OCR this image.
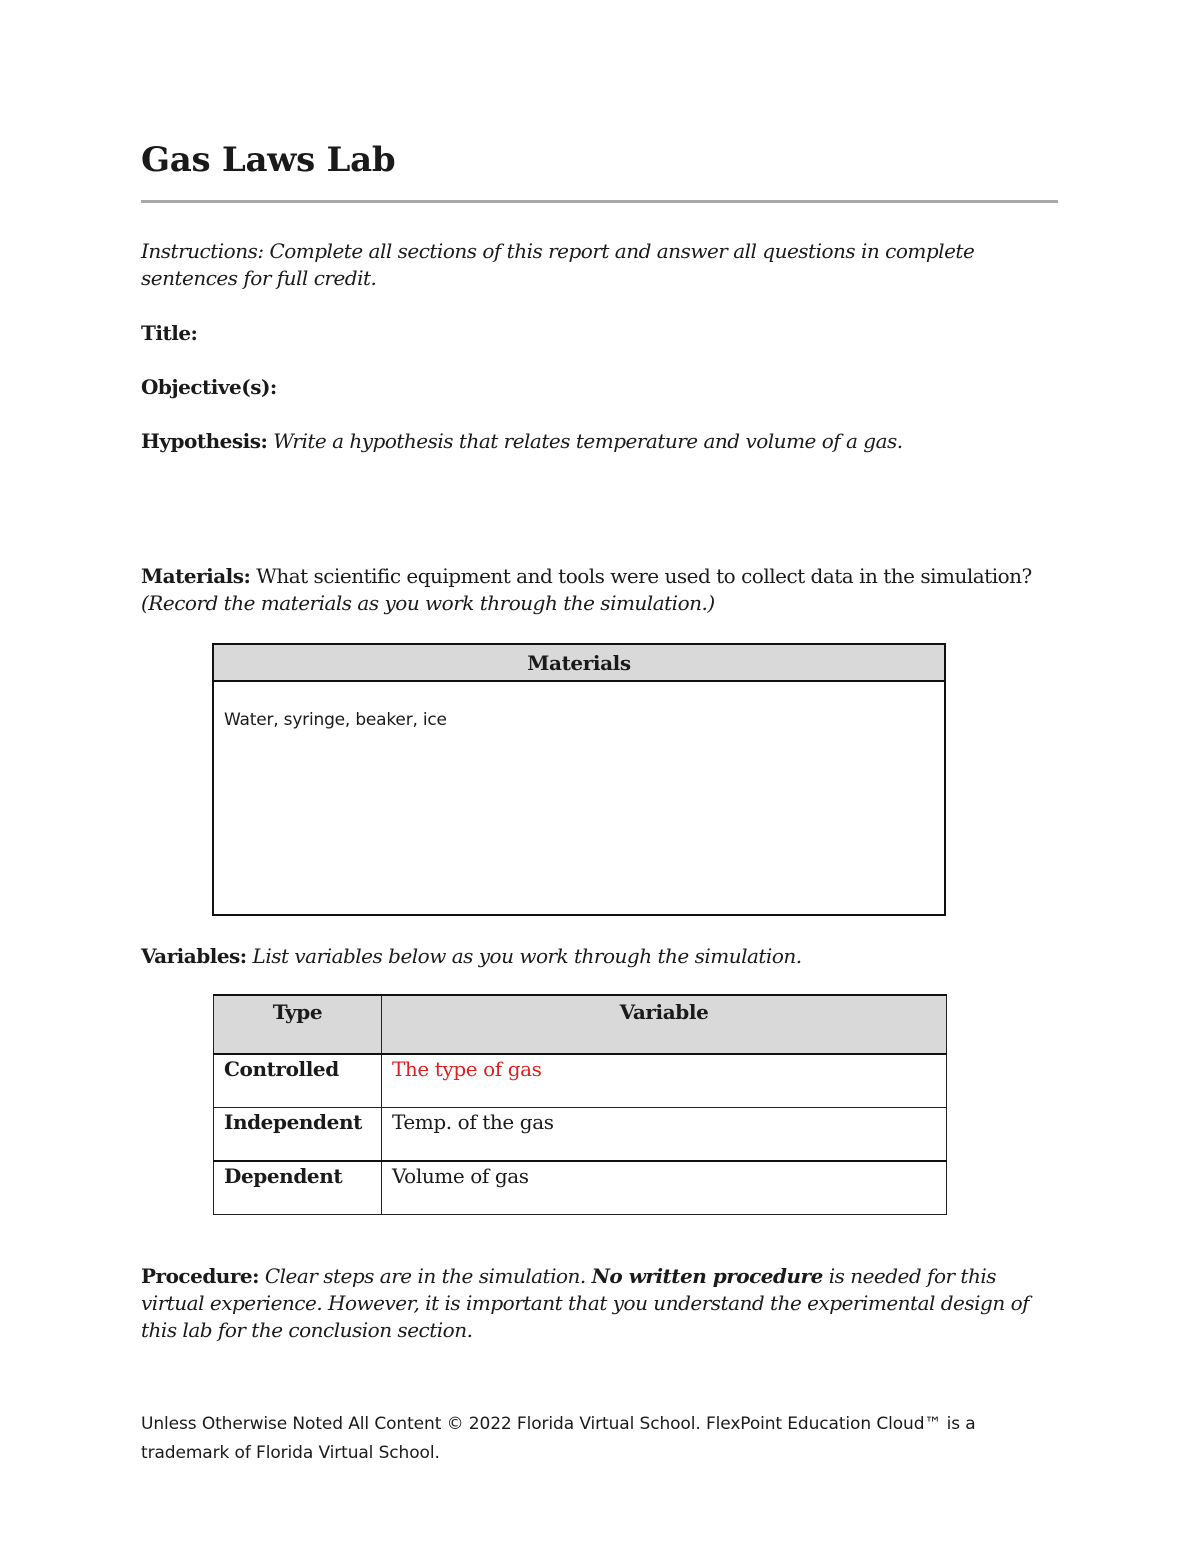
Gas Laws Lab
Instructions: Complete all sections of this report and answer all questions in complete sentences for full credit.
Title:
Objective(s):
Hypothesis: Write a hypothesis that relates temperature and volume of a gas.
Materials: What scientific equipment and tools were used to collect data in the simulation?
(Record the materials as you work through the simulation.)
Materials
Water, syringe, beaker, ice
Variables: List variables below as you work through the simulation.
Type	Variable
Controlled	The type of gas
Independent	Temp. of the gas
Dependent	Volume of gas
Procedure: Clear steps are in the simulation. No written procedure is needed for this virtual experience. However, it is important that you understand the experimental design of this lab for the conclusion section.
Unless Otherwise Noted All Content © 2022 Florida Virtual School. FlexPoint Education Cloud™ is a trademark of Florida Virtual School.
